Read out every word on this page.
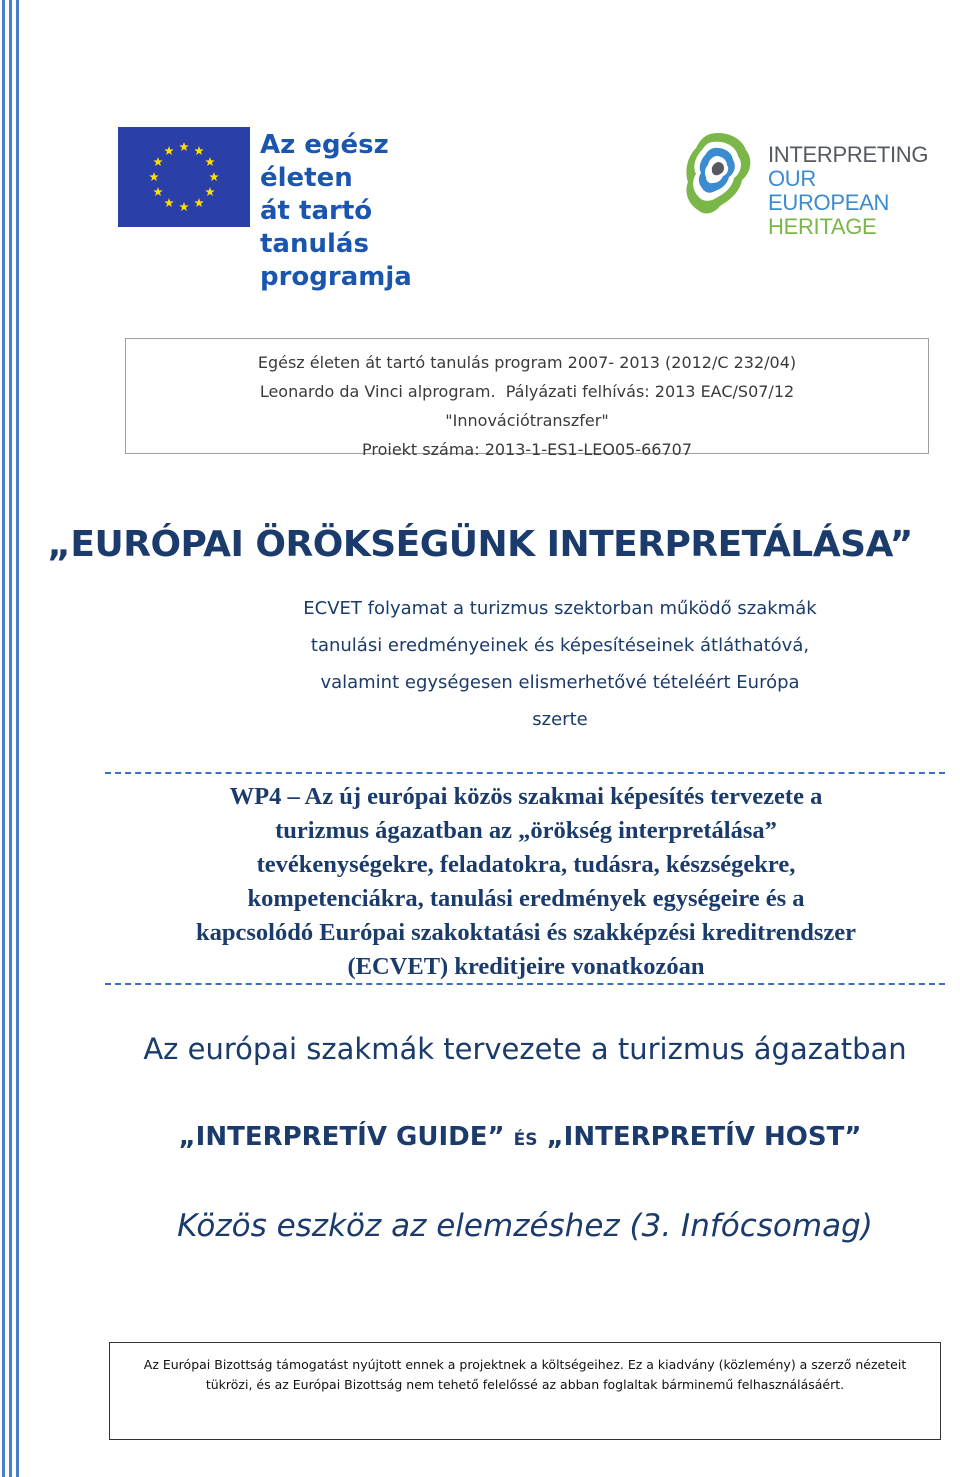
Az egész életen
át tartó tanulás
programja
INTERPRETING
OUR EUROPEAN
HERITAGE
Egész életen át tartó tanulás program 2007- 2013 (2012/C 232/04)
Leonardo da Vinci alprogram.  Pályázati felhívás: 2013 EAC/S07/12
"Innovációtranszfer"
Proiekt száma: 2013-1-ES1-LEO05-66707
„EURÓPAI ÖRÖKSÉGÜNK INTERPRETÁLÁSA”
ECVET folyamat a turizmus szektorban működő szakmák
tanulási eredményeinek és képesítéseinek átláthatóvá,
valamint egységesen elismerhetővé tételéért Európa
szerte
WP4 – Az új európai közös szakmai képesítés tervezete a
turizmus ágazatban az „örökség interpretálása”
tevékenységekre, feladatokra, tudásra, készségekre,
kompetenciákra, tanulási eredmények egységeire és a
kapcsolódó Európai szakoktatási és szakképzési kreditrendszer
(ECVET) kreditjeire vonatkozóan
Az európai szakmák tervezete a turizmus ágazatban
„INTERPRETÍV GUIDE” ÉS „INTERPRETÍV HOST”
Közös eszköz az elemzéshez (3. Infócsomag)
Az Európai Bizottság támogatást nyújtott ennek a projektnek a költségeihez. Ez a kiadvány (közlemény) a szerző nézeteit
tükrözi, és az Európai Bizottság nem tehető felelőssé az abban foglaltak bárminemű felhasználásáért.
